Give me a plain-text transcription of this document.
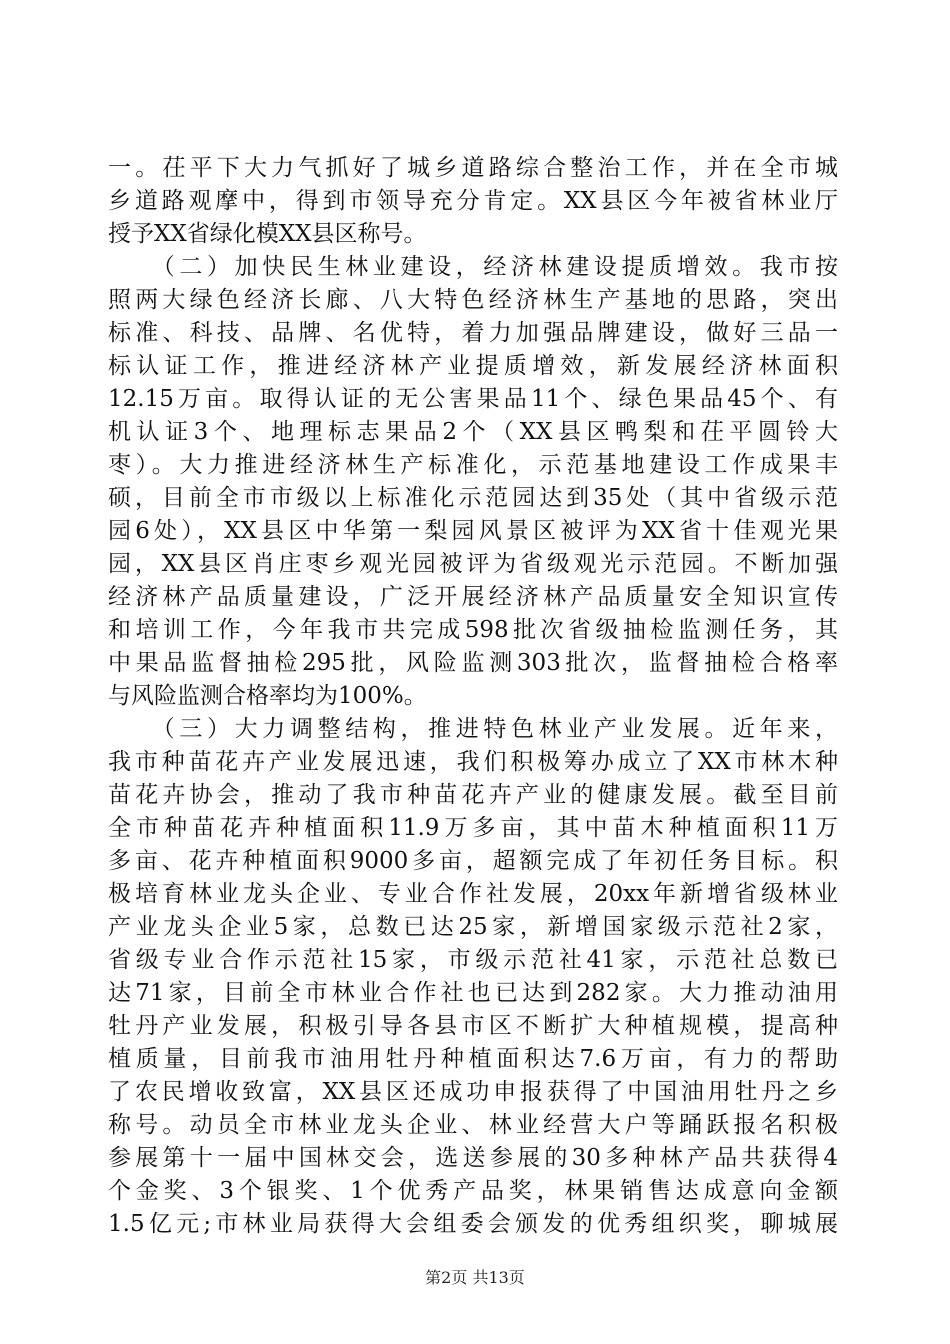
一。茌平下大力气抓好了城乡道路综合整治工作，并在全市城
乡道路观摩中，得到市领导充分肯定。XX县区今年被省林业厅
授予XX省绿化模XX县区称号。
　　（二）加快民生林业建设，经济林建设提质增效。我市按
照两大绿色经济长廊、八大特色经济林生产基地的思路，突出
标准、科技、品牌、名优特，着力加强品牌建设，做好三品一
标认证工作，推进经济林产业提质增效，新发展经济林面积
12.15万亩。取得认证的无公害果品11个、绿色果品45个、有
机认证3个、地理标志果品2个（XX县区鸭梨和茌平圆铃大
枣）。大力推进经济林生产标准化，示范基地建设工作成果丰
硕，目前全市市级以上标准化示范园达到35处（其中省级示范
园6处），XX县区中华第一梨园风景区被评为XX省十佳观光果
园，XX县区肖庄枣乡观光园被评为省级观光示范园。不断加强
经济林产品质量建设，广泛开展经济林产品质量安全知识宣传
和培训工作，今年我市共完成598批次省级抽检监测任务，其
中果品监督抽检295批，风险监测303批次，监督抽检合格率
与风险监测合格率均为100%。
　　（三）大力调整结构，推进特色林业产业发展。近年来，
我市种苗花卉产业发展迅速，我们积极筹办成立了XX市林木种
苗花卉协会，推动了我市种苗花卉产业的健康发展。截至目前
全市种苗花卉种植面积11.9万多亩，其中苗木种植面积11万
多亩、花卉种植面积9000多亩，超额完成了年初任务目标。积
极培育林业龙头企业、专业合作社发展，20xx年新增省级林业
产业龙头企业5家，总数已达25家，新增国家级示范社2家，
省级专业合作示范社15家，市级示范社41家，示范社总数已
达71家，目前全市林业合作社也已达到282家。大力推动油用
牡丹产业发展，积极引导各县市区不断扩大种植规模，提高种
植质量，目前我市油用牡丹种植面积达7.6万亩，有力的帮助
了农民增收致富，XX县区还成功申报获得了中国油用牡丹之乡
称号。动员全市林业龙头企业、林业经营大户等踊跃报名积极
参展第十一届中国林交会，选送参展的30多种林产品共获得4
个金奖、3个银奖、1个优秀产品奖，林果销售达成意向金额
1.5亿元;市林业局获得大会组委会颁发的优秀组织奖，聊城展
第2页 共13页
